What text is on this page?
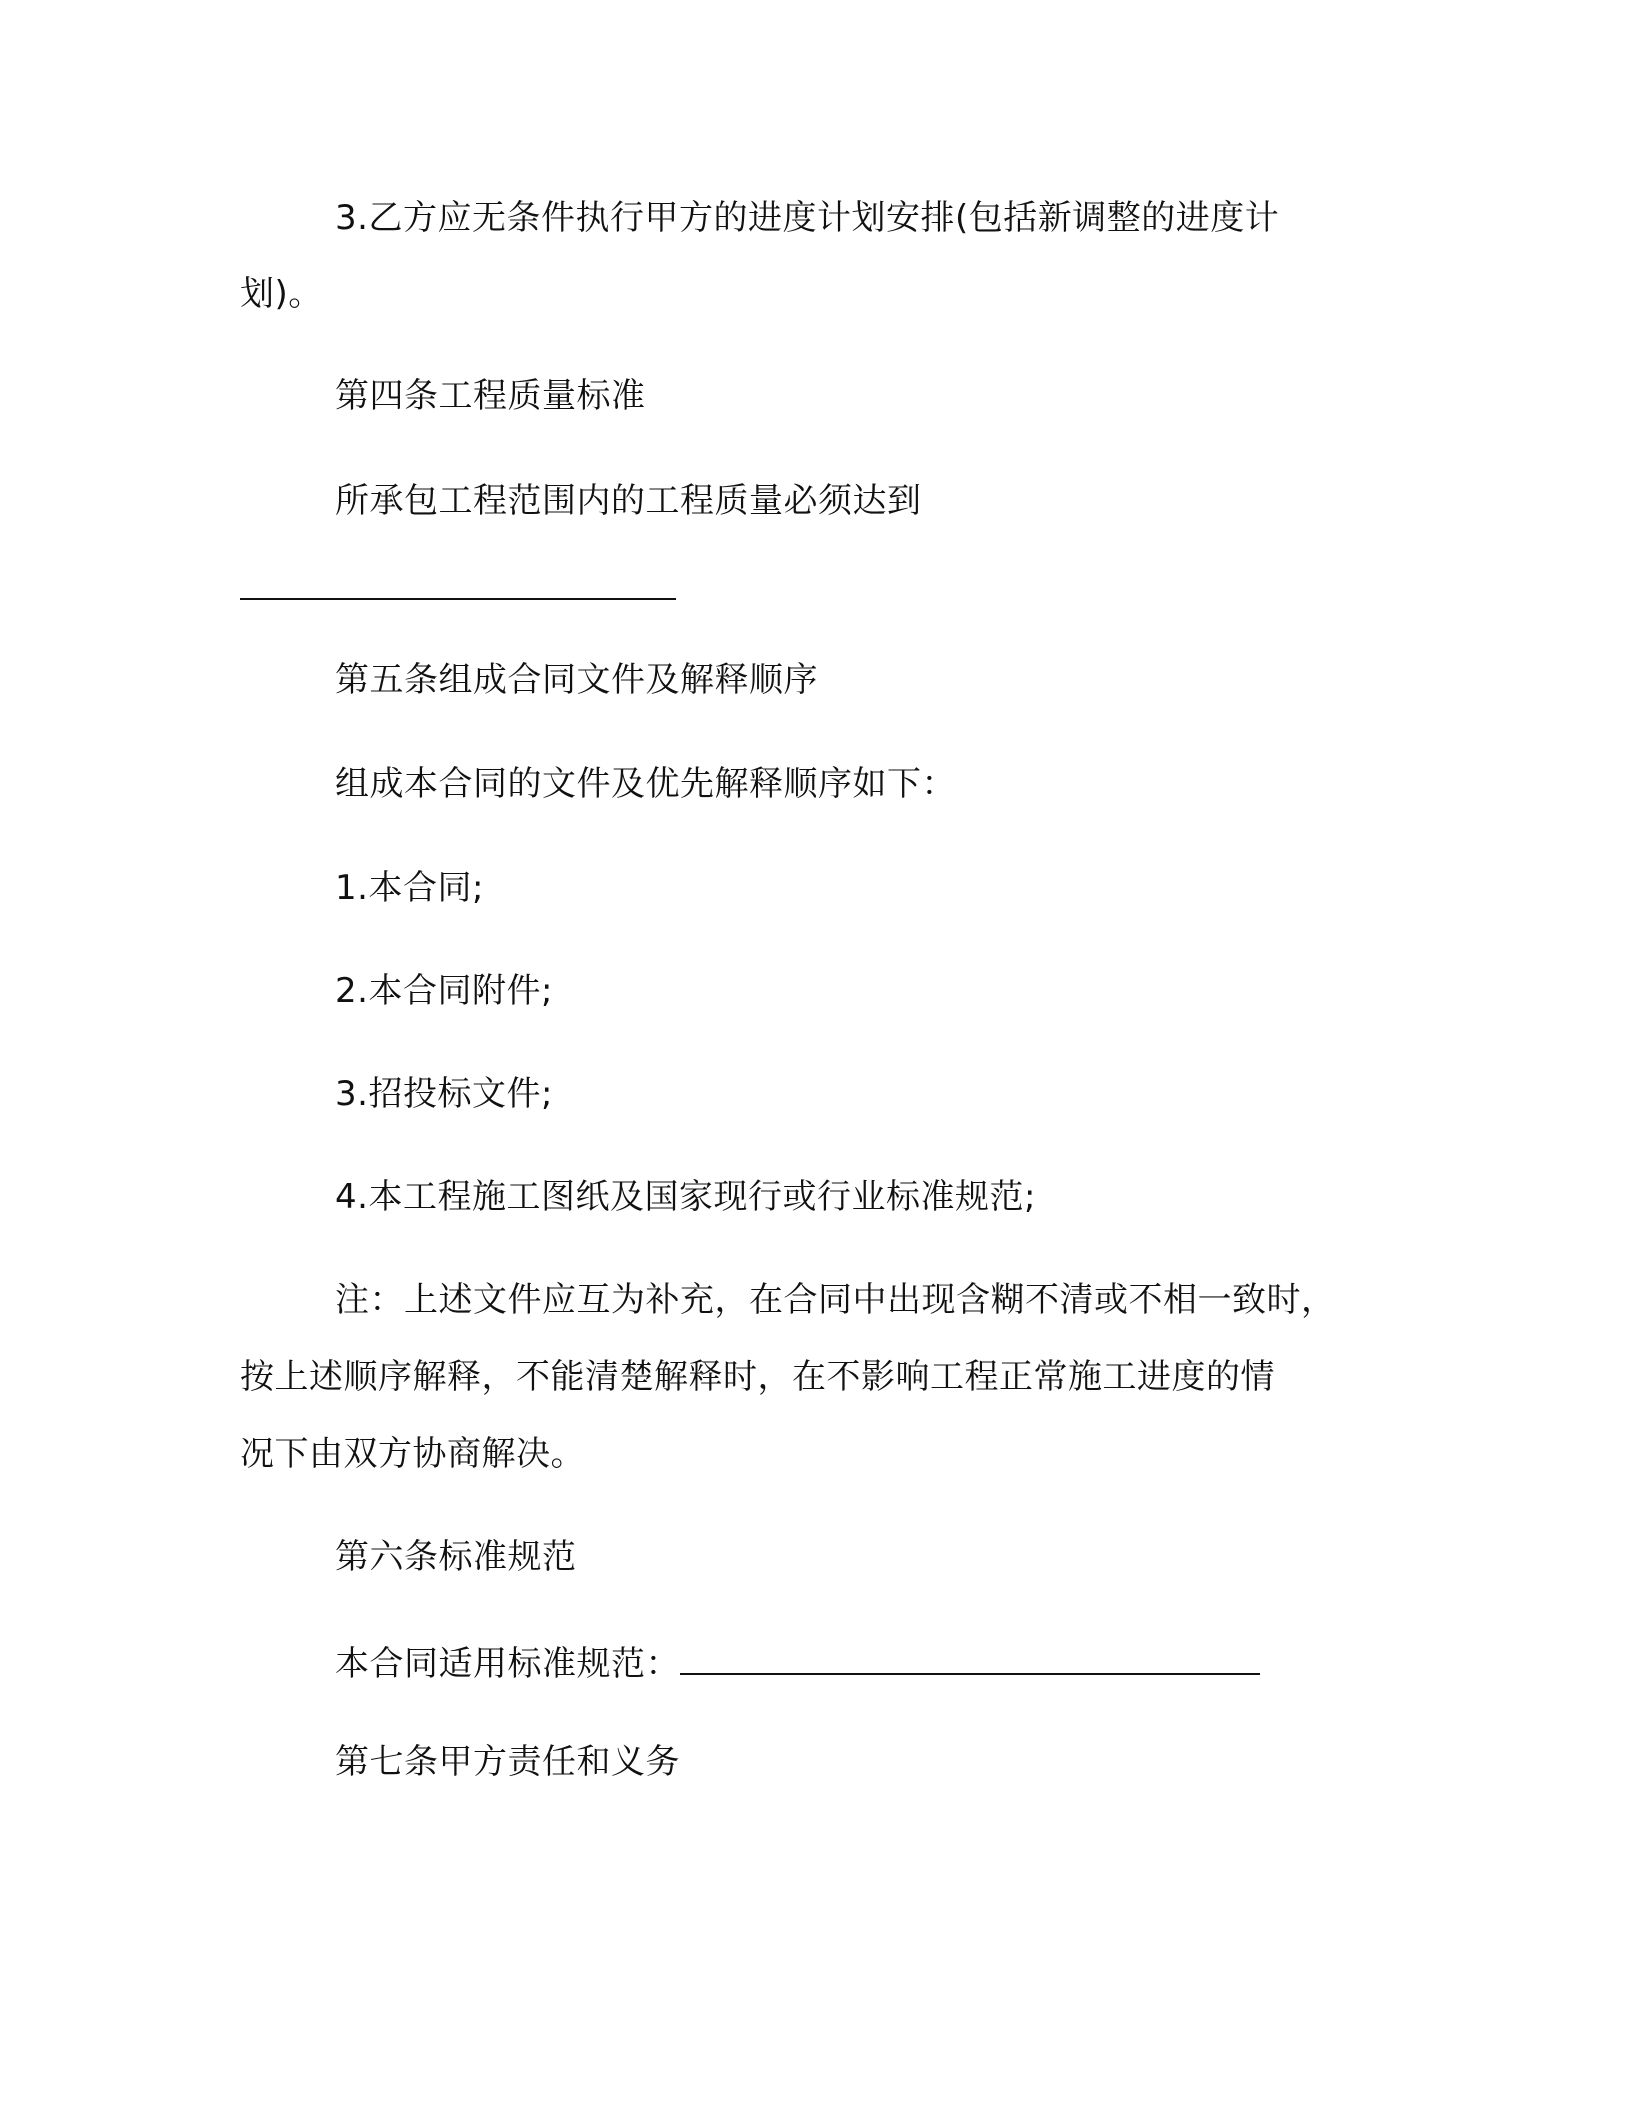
3.乙方应无条件执行甲方的进度计划安排(包括新调整的进度计
划)。
第四条工程质量标准
所承包工程范围内的工程质量必须达到
第五条组成合同文件及解释顺序
组成本合同的文件及优先解释顺序如下：
1.本合同;
2.本合同附件;
3.招投标文件;
4.本工程施工图纸及国家现行或行业标准规范;
注：上述文件应互为补充，在合同中出现含糊不清或不相一致时，
按上述顺序解释，不能清楚解释时，在不影响工程正常施工进度的情
况下由双方协商解决。
第六条标准规范
本合同适用标准规范：
第七条甲方责任和义务
